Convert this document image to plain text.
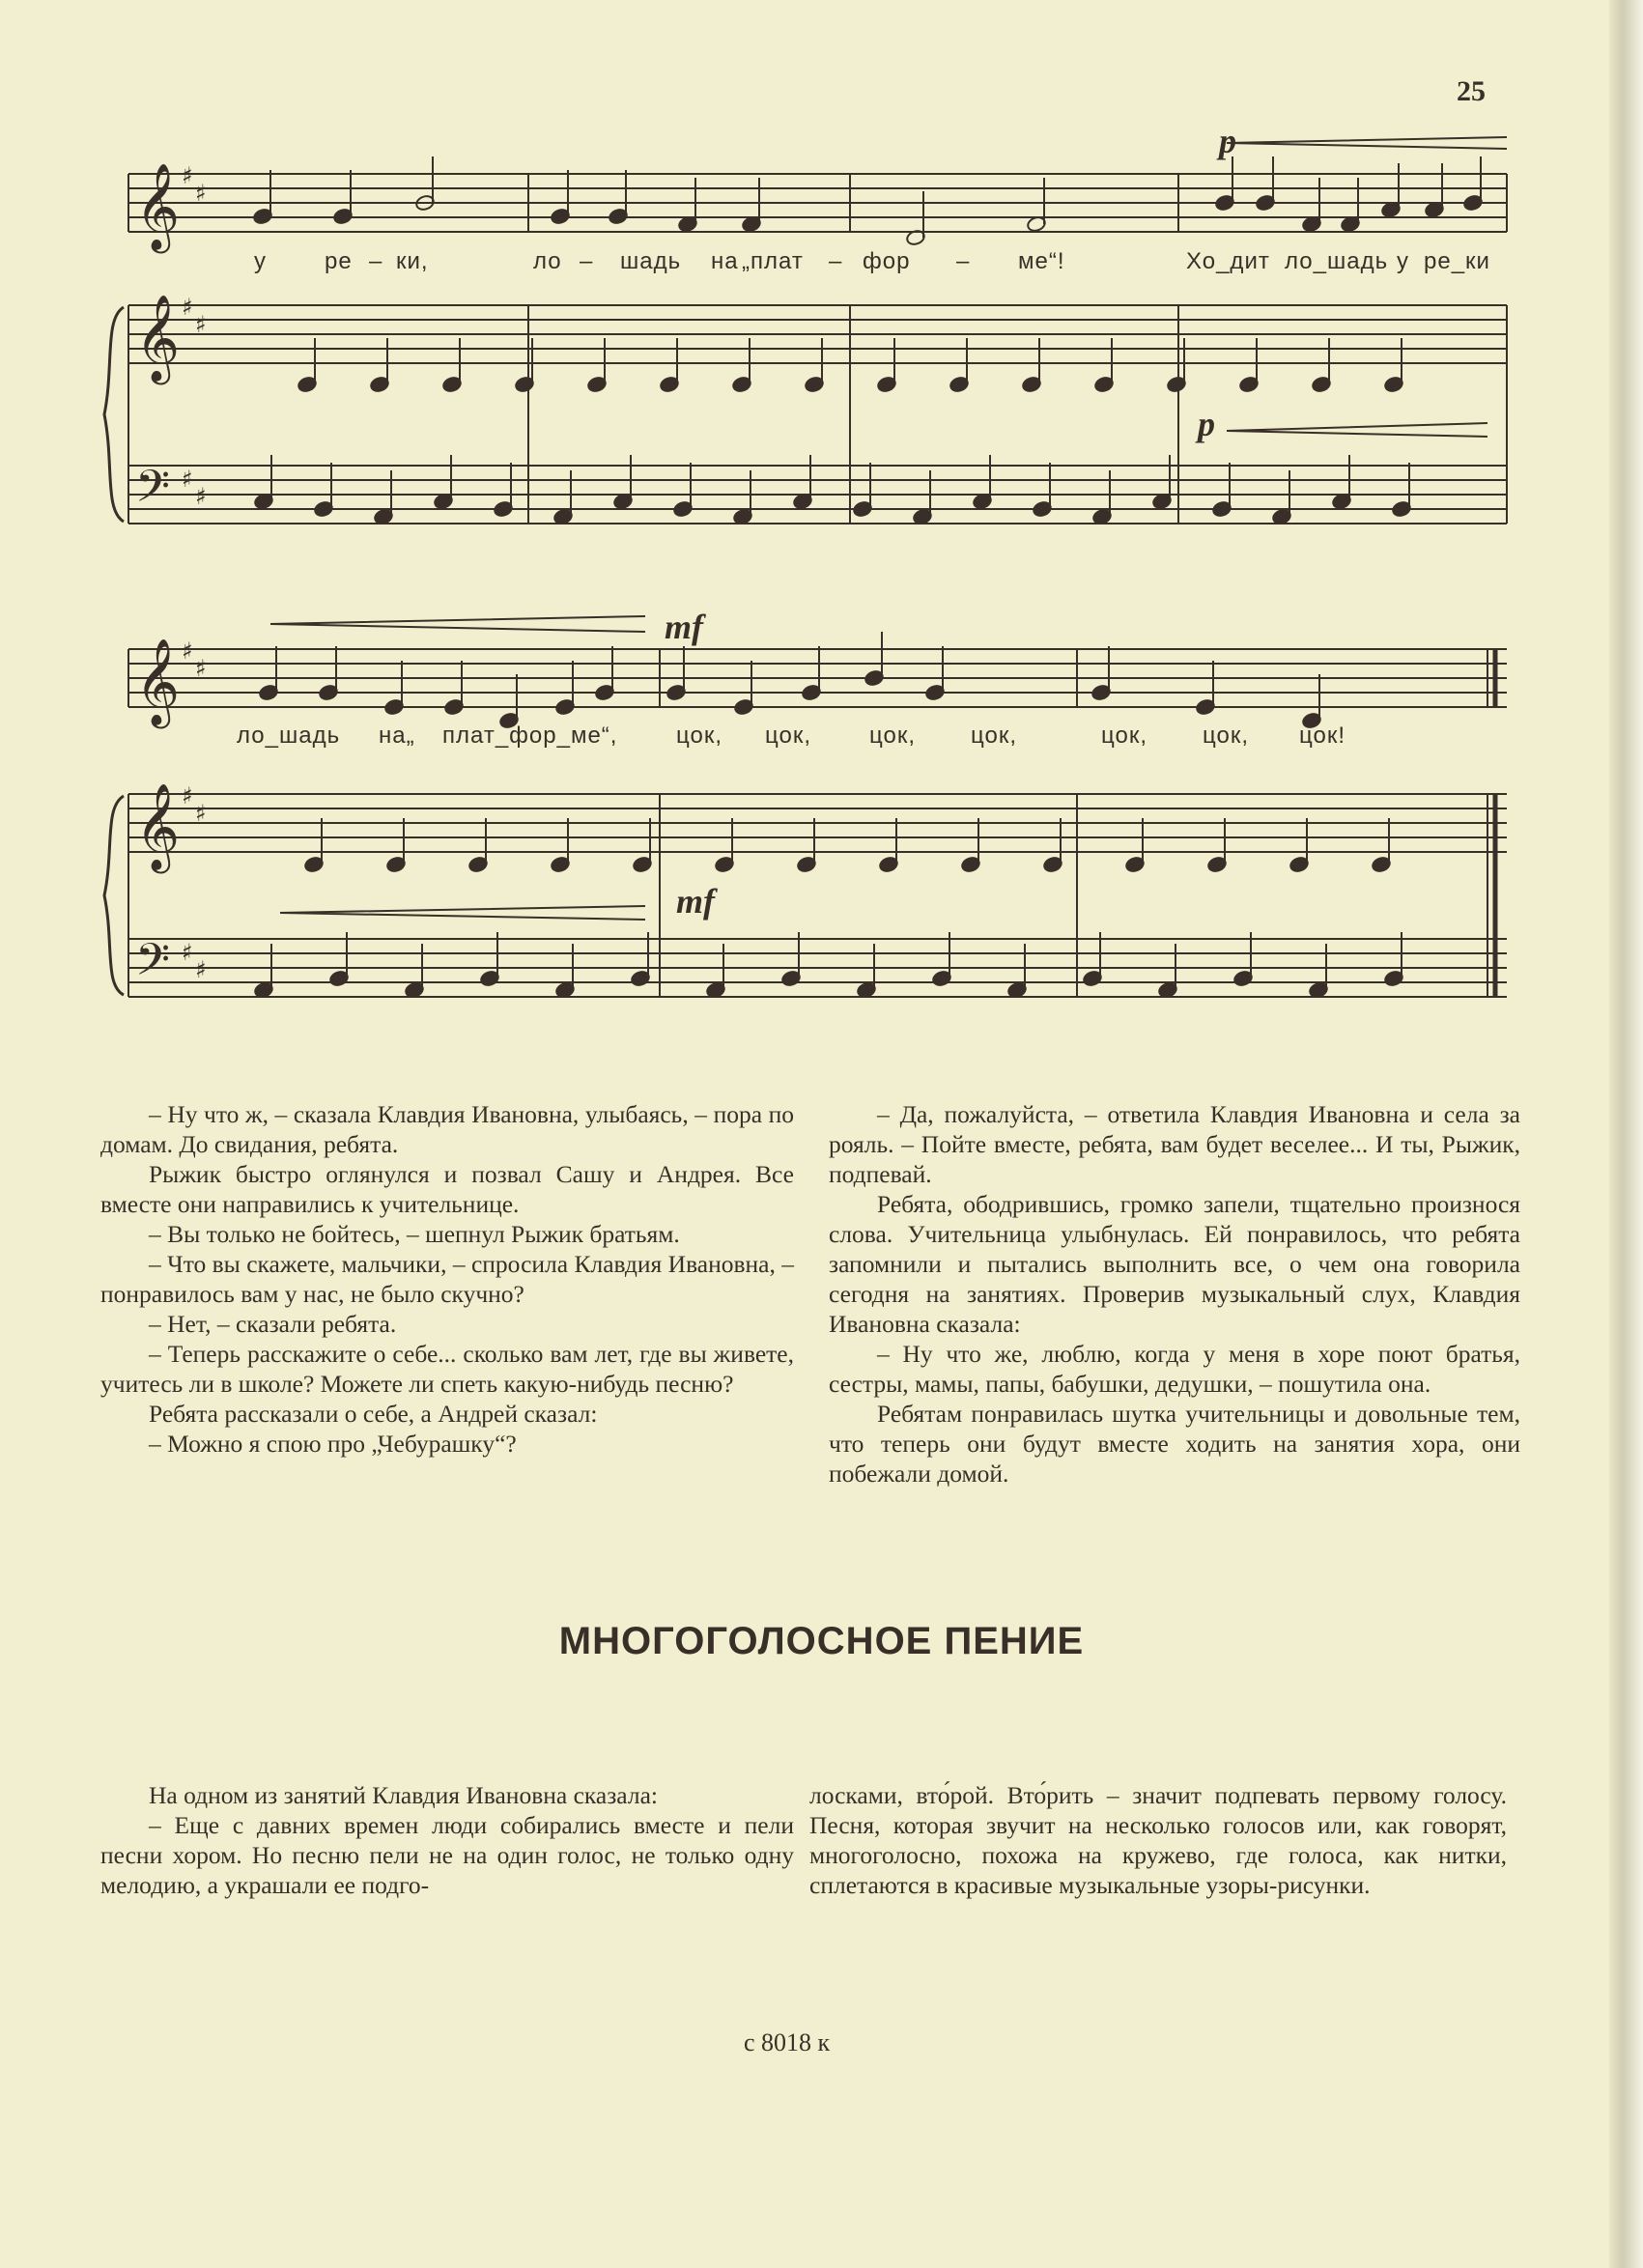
25
𝄞
𝄞
𝄢
𝄞
𝄞
𝄢
♯
♯
♯
♯
♯
♯
♯
♯
♯
♯
♯
♯
p
p
mf
mf
у	ре – ки,	ло – шадь на „плат – фор – ме“!	Хо_дит ло_шадь у ре_ки
ло_шадь на„ плат_фор_ме“,	цок, цок,	цок, цок,	цок, цок, цок!

– Ну что ж, – сказала Клавдия Ивановна, улыбаясь, – пора по домам. До свидания, ребята.

Рыжик быстро оглянулся и позвал Сашу и Андрея. Все вместе они направились к учительнице.

– Вы только не бойтесь, – шепнул Рыжик братьям.

– Что вы скажете, мальчики, – спросила Клавдия Ивановна, – понравилось вам у нас, не было скучно?

– Нет, – сказали ребята.

– Теперь расскажите о себе... сколько вам лет, где вы живете, учитесь ли в школе? Можете ли спеть какую-нибудь песню?

Ребята рассказали о себе, а Андрей сказал:

– Можно я спою про „Чебурашку“?

– Да, пожалуйста, – ответила Клавдия Ивановна и села за рояль. – Пойте вместе, ребята, вам будет веселее... И ты, Рыжик, подпевай.

Ребята, ободрившись, громко запели, тщательно произнося слова. Учительница улыбнулась. Ей понравилось, что ребята запомнили и пытались выполнить все, о чем она говорила сегодня на занятиях. Проверив музыкальный слух, Клавдия Ивановна сказала:

– Ну что же, люблю, когда у меня в хоре поют братья, сестры, мамы, папы, бабушки, дедушки, – пошутила она.

Ребятам понравилась шутка учительницы и довольные тем, что теперь они будут вместе ходить на занятия хора, они побежали домой.

МНОГОГОЛОСНОЕ ПЕНИЕ

На одном из занятий Клавдия Ивановна сказала:

– Еще с давних времен люди собирались вместе и пели песни хором. Но песню пели не на один голос, не только одну мелодию, а украшали ее подго-

лосками, вто́рой. Вто́рить – значит подпевать первому голосу. Песня, которая звучит на несколько голосов или, как говорят, многоголосно, похожа на кружево, где голоса, как нитки, сплетаются в красивые музыкальные узоры-рисунки.

с 8018 к
